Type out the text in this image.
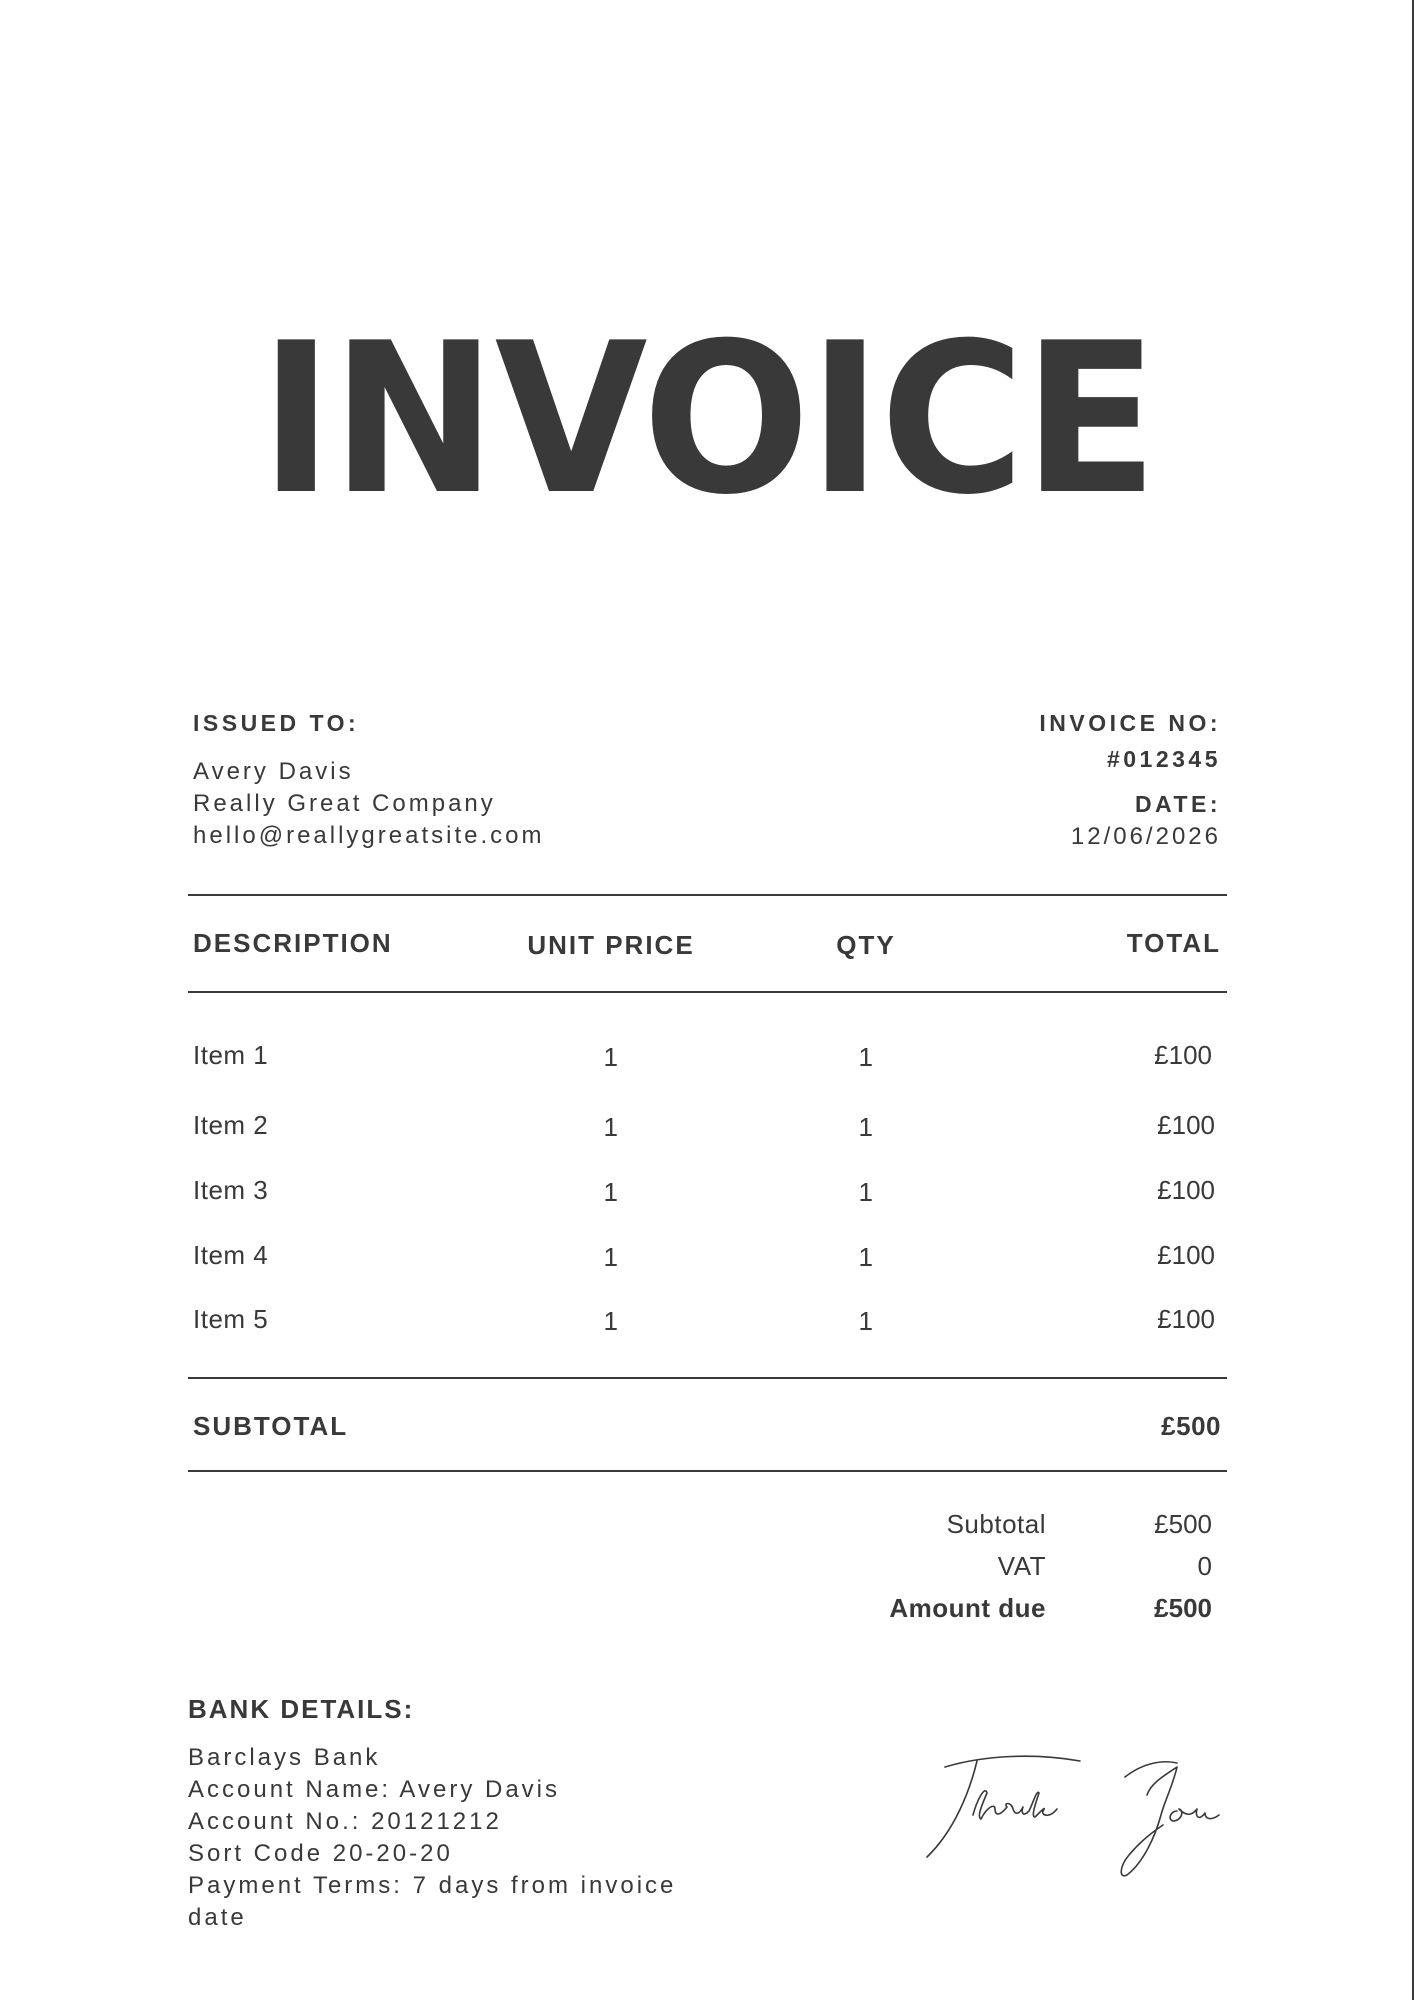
INVOICE
ISSUED TO:
Avery Davis
Really Great Company
hello@reallygreatsite.com
INVOICE NO:
#012345
DATE:
12/06/2026
DESCRIPTION	UNIT PRICE	QTY	TOTAL
Item 1	1	1	£100
Item 2	1	1	£100
Item 3	1	1	£100
Item 4	1	1	£100
Item 5	1	1	£100
SUBTOTAL	£500
Subtotal	£500
VAT	0
Amount due	£500
BANK DETAILS:
Barclays Bank
Account Name: Avery Davis
Account No.: 20121212
Sort Code 20-20-20
Payment Terms: 7 days from invoice
date
